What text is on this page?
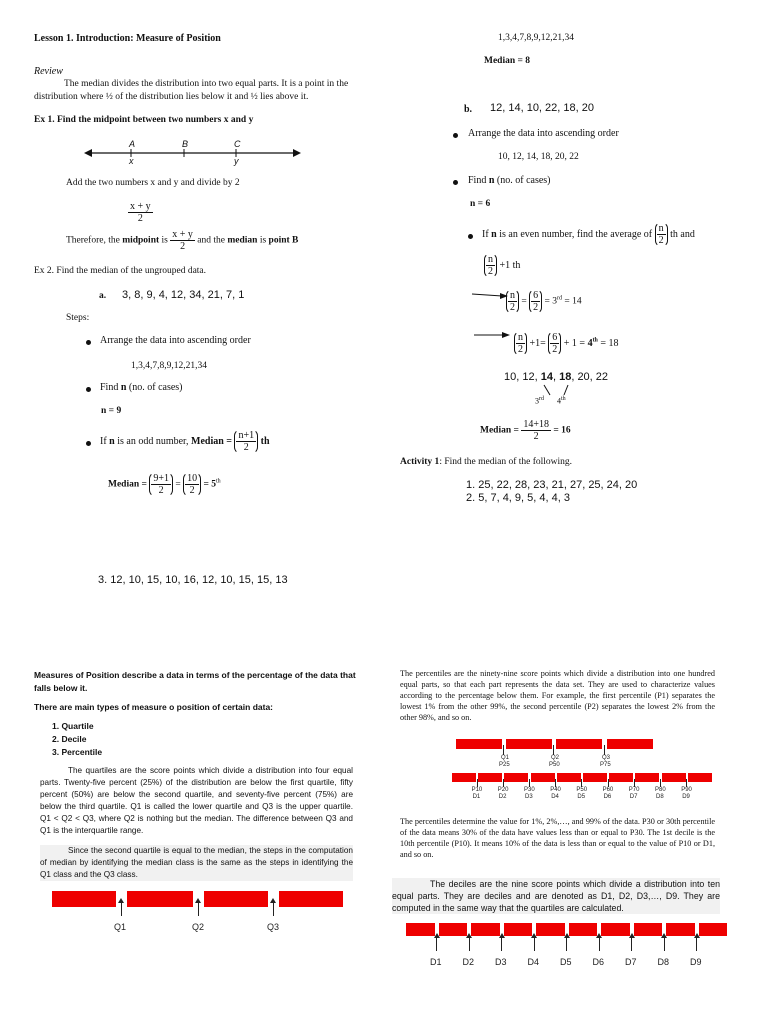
Lesson 1. Introduction: Measure of Position
Review
The median divides the distribution into two equal parts. It is a point in the distribution where ½ of the distribution lies below it and ½ lies above it.
Ex 1. Find the midpoint between two numbers x and y
A	B	C
x	y
Add the two numbers x and y and divide by 2
$\frac{x + y}{2}$
Therefore, the midpoint is $\frac{x + y}{2}$ and the median is point B
Ex 2. Find the median of the ungrouped data.
a. 3, 8, 9, 4, 12, 34, 21, 7, 1
Steps:
Arrange the data into ascending order
1,3,4,7,8,9,12,21,34
Find n (no. of cases)
n = 9
If n is an odd number, Median = $\frac{n+1}{2}$ th
Median = $\frac{9+1}{2} = \frac{10}{2} = 5th$
3. 12, 10, 15, 10, 16, 12, 10, 15, 15, 13
1,3,4,7,8,9,12,21,34
Median = 8
b. 12, 14, 10, 22, 18, 20
Arrange the data into ascending order
10, 12, 14, 18, 20, 22
Find n (no. of cases)
n = 6
If n is an even number, find the average of $\frac{n}{2}$ th and
$\frac{n}{2} +1$ th
$\frac{n}{2} = \frac{6}{2} = 3rd = 14$
$\frac{n}{2} +1= \frac{6}{2} + 1 = 4th = 18$
10, 12, 14, 18, 20, 22
3rd 4th
Median = $\frac{14+18}{2} = 16$
Activity 1: Find the median of the following.
1. 25, 22, 28, 23, 21, 27, 25, 24, 20
2. 5, 7, 4, 9, 5, 4, 4, 3
Measures of Position describe a data in terms of the percentage of the data that falls below it.
There are main types of measure o position of certain data:
1. Quartile
2. Decile
3. Percentile
The quartiles are the score points which divide a distribution into four equal parts. Twenty-five percent (25%) of the distribution are below the first quartile, fifty percent (50%) are below the second quartile, and seventy-five percent (75%) are below the third quartile. Q1 is called the lower quartile and Q3 is the upper quartile. Q1 < Q2 < Q3, where Q2 is nothing but the median. The difference between Q3 and Q1 is the interquartile range.
Since the second quartile is equal to the median, the steps in the computation of median by identifying the median class is the same as the steps in identifying the Q1 class and the Q3 class.
Q1	Q2	Q3
The percentiles are the ninety-nine score points which divide a distribution into one hundred equal parts, so that each part represents the data set. They are used to characterize values according to the percentage below them. For example, the first percentile (P1) separates the lowest 1% from the other 99%, the second percentile (P2) separates the lowest 2% from the other 98%, and so on.
Q1	Q2	Q3
P25	P50	P75
P10
D1
P20
D2
P30
D3
P40
D4
P50
D5
P60
D6
P70
D7
P80
D8
P90
D9
The percentiles determine the value for 1%, 2%,…, and 99% of the data. P30 or 30th percentile of the data means 30% of the data have values less than or equal to P30. The 1st decile is the 10th percentile (P10). It means 10% of the data is less than or equal to the value of P10 or D1, and so on.
The deciles are the nine score points which divide a distribution into ten equal parts. They are deciles and are denoted as D1, D2, D3,…, D9. They are computed in the same way that the quartiles are calculated.
D1 D2 D3 D4 D5 D6 D7 D8 D9
